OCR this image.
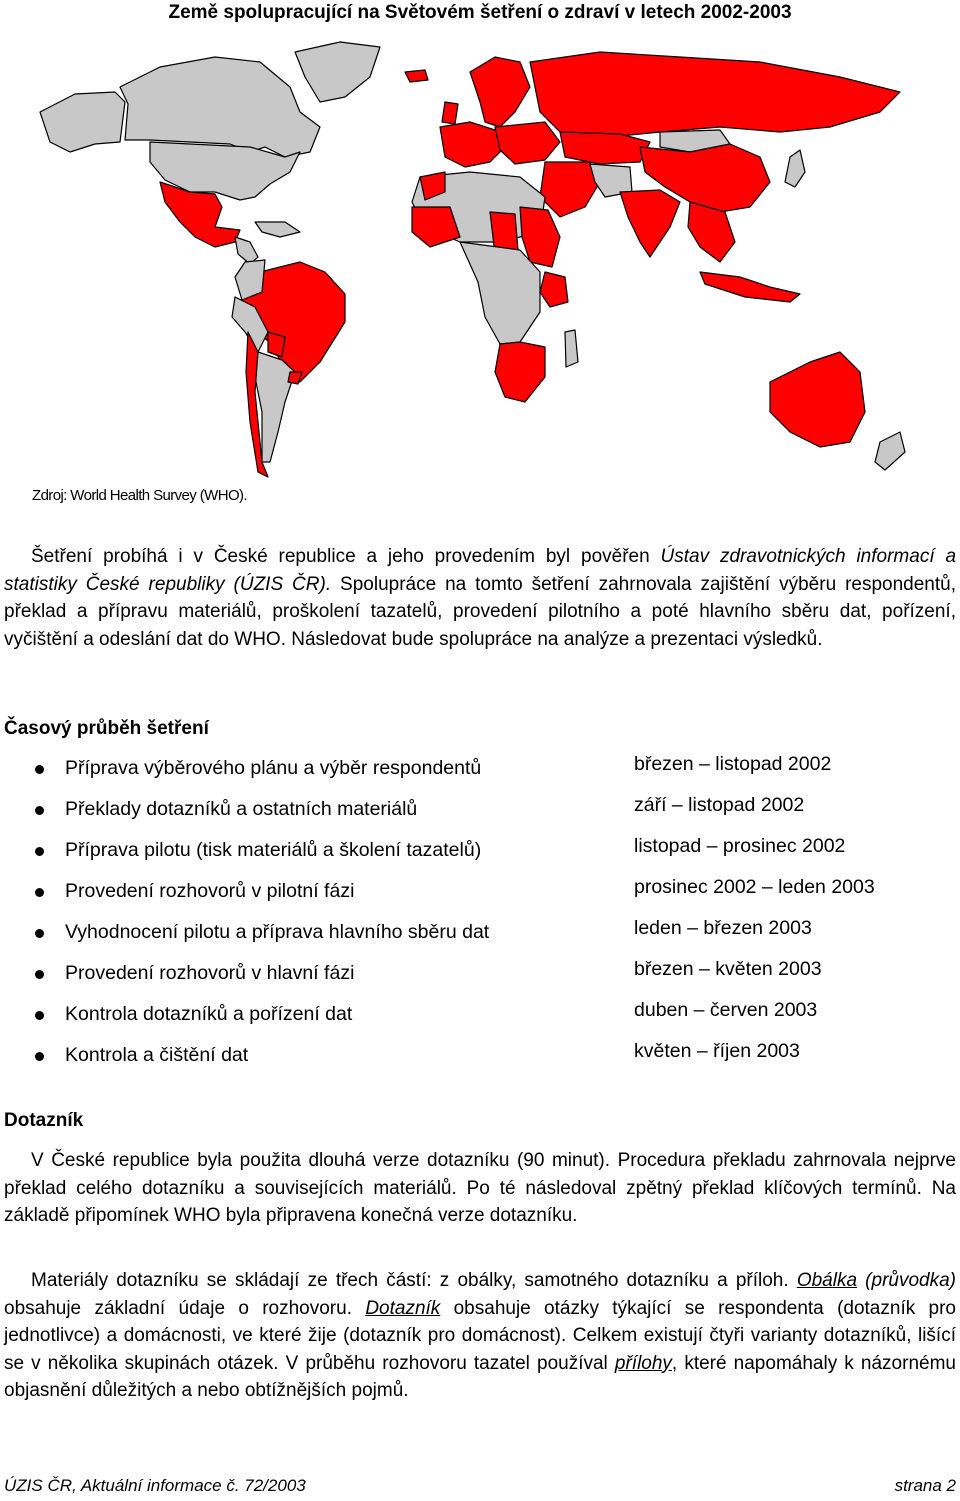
Země spolupracující na Světovém šetření o zdraví v letech 2002-2003
Zdroj: World Health Survey (WHO).
Šetření probíhá i v České republice a jeho provedením byl pověřen Ústav zdravotnických informací a statistiky České republiky (ÚZIS ČR). Spolupráce na tomto šetření zahrnovala zajištění výběru respondentů, překlad a přípravu materiálů, proškolení tazatelů, provedení pilotního a poté hlavního sběru dat, pořízení, vyčištění a odeslání dat do WHO. Následovat bude spolupráce na analýze a prezentaci výsledků.
Časový průběh šetření
Příprava výběrového plánu a výběr respondentů	březen – listopad 2002
Překlady dotazníků a ostatních materiálů	září – listopad 2002
Příprava pilotu (tisk materiálů a školení tazatelů)	listopad – prosinec 2002
Provedení rozhovorů v pilotní fázi	prosinec 2002 – leden 2003
Vyhodnocení pilotu a příprava hlavního sběru dat	leden – březen 2003
Provedení rozhovorů v hlavní fázi	březen – květen 2003
Kontrola dotazníků a pořízení dat	duben – červen 2003
Kontrola a čištění dat	květen – říjen 2003
Dotazník
V České republice byla použita dlouhá verze dotazníku (90 minut). Procedura překladu zahrnovala nejprve překlad celého dotazníku a souvisejících materiálů. Po té následoval zpětný překlad klíčových termínů. Na základě připomínek WHO byla připravena konečná verze dotazníku.
Materiály dotazníku se skládají ze třech částí: z obálky, samotného dotazníku a příloh. Obálka (průvodka) obsahuje základní údaje o rozhovoru. Dotazník obsahuje otázky týkající se respondenta (dotazník pro jednotlivce) a domácnosti, ve které žije (dotazník pro domácnost). Celkem existují čtyři varianty dotazníků, lišící se v několika skupinách otázek. V průběhu rozhovoru tazatel používal přílohy, které napomáhaly k názornému objasnění důležitých a nebo obtížnějších pojmů.
ÚZIS ČR, Aktuální informace č. 72/2003	strana 2
